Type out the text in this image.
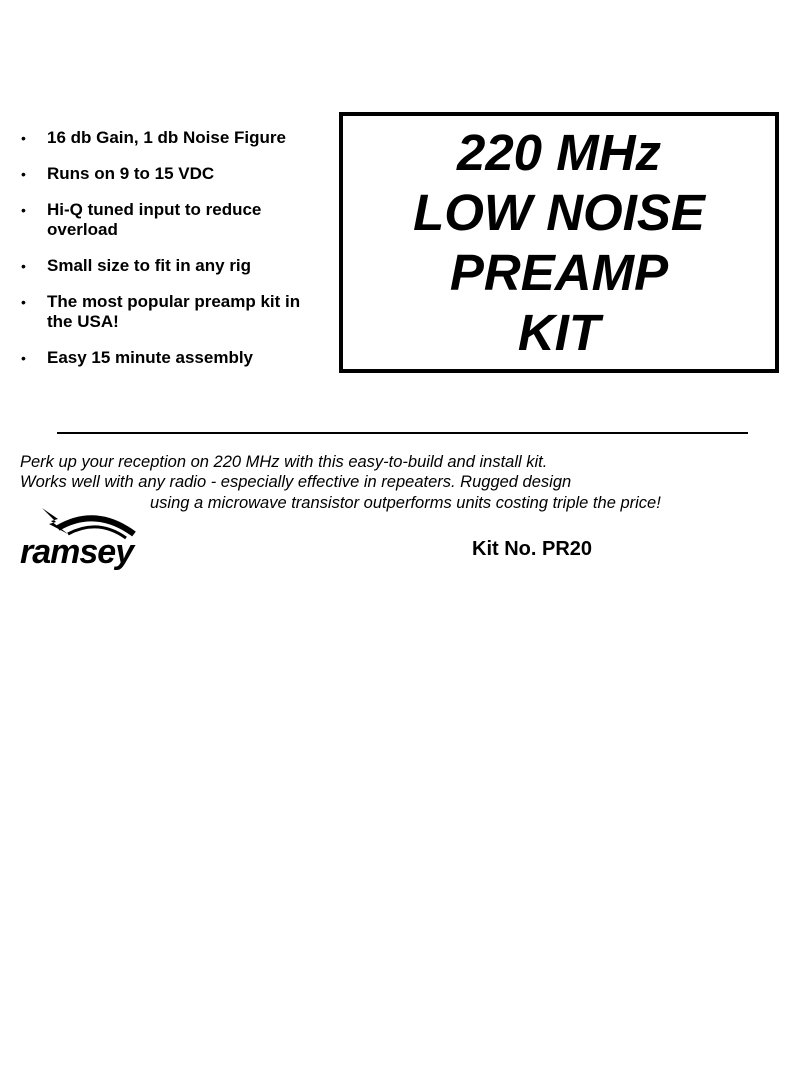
• 16 db Gain, 1 db Noise Figure
• Runs on 9 to 15 VDC
• Hi-Q tuned input to reduce overload
• Small size to fit in any rig
• The most popular preamp kit in the USA!
• Easy 15 minute assembly
220 MHz
LOW NOISE
PREAMP
KIT
Perk up your reception on 220 MHz with this easy-to-build and install kit.
Works well with any radio - especially effective in repeaters. Rugged design
using a microwave transistor outperforms units costing triple the price!
ramsey	Kit No. PR20
